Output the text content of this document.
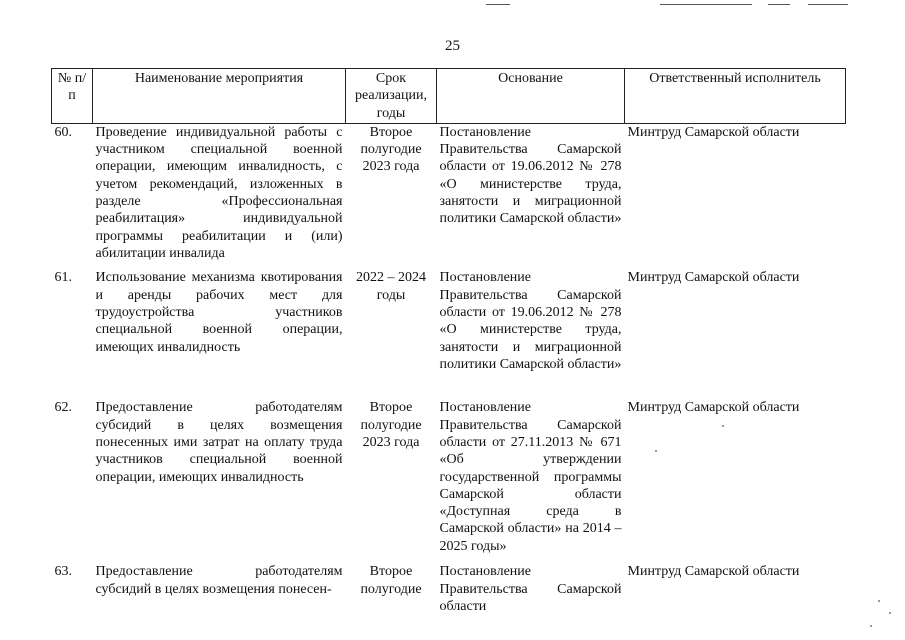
25
№ п/п	Наименование мероприятия	Срок реализации, годы	Основание	Ответственный исполнитель
60.	Проведение индивидуальной работы с участником специальной военной операции, имеющим инвалидность, с учетом рекомендаций, изложенных в разделе «Профессиональная реабилитация» индивидуальной программы реабилитации и (или) абилитации инвалида	Второе полугодие 2023 года	Постановление Правительства Самарской области от 19.06.2012 № 278 «О министерстве труда, занятости и миграционной политики Самарской области»	Минтруд Самарской области
61.	Использование механизма квотирования и аренды рабочих мест для трудоустройства участников специальной военной операции, имеющих инвалидность	2022 – 2024 годы	Постановление Правительства Самарской области от 19.06.2012 № 278 «О министерстве труда, занятости и миграционной политики Самарской области»	Минтруд Самарской области
62.	Предоставление работодателям субсидий в целях возмещения понесенных ими затрат на оплату труда участников специальной военной операции, имеющих инвалидность	Второе полугодие 2023 года	Постановление Правительства Самарской области от 27.11.2013 № 671 «Об утверждении государственной программы Самарской области «Доступная среда в Самарской области» на 2014 – 2025 годы»	Минтруд Самарской области
63.	Предоставление работодателям субсидий в целях возмещения понесен-	Второе полугодие	Постановление Правительства Самарской области	Минтруд Самарской области
